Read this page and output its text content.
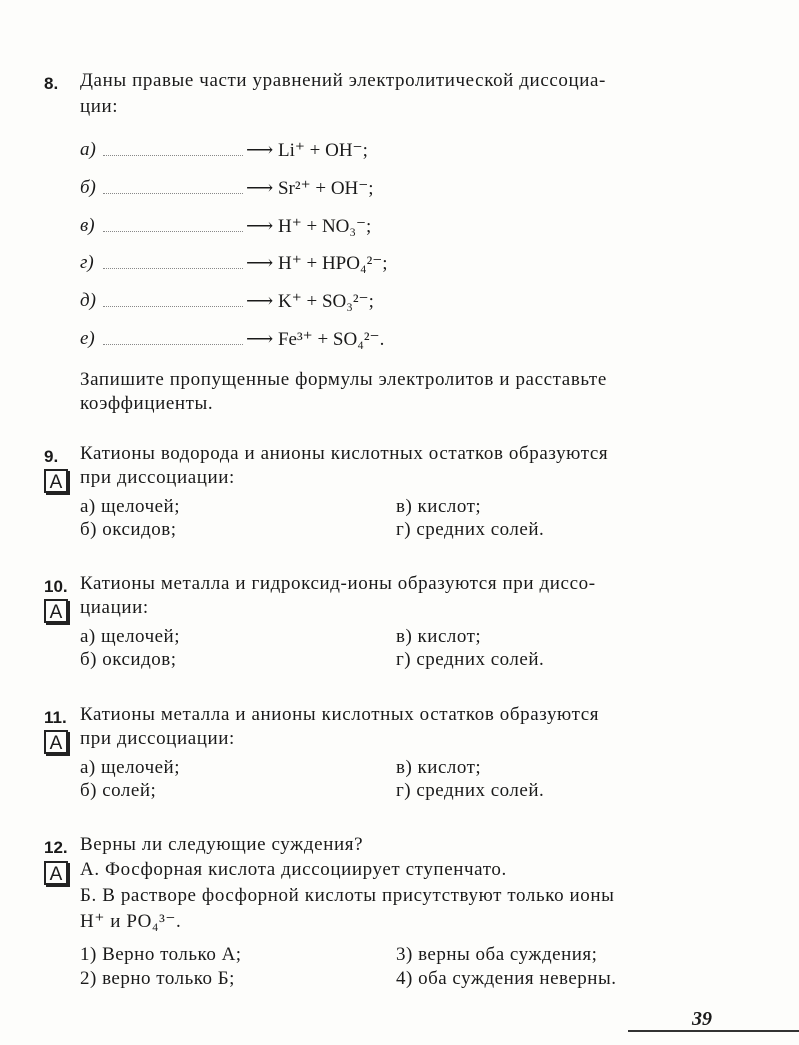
8. Даны правые части уравнений электролитической диссоциа-
ции:
а)	⟶ Li⁺ + OH⁻;
б)	⟶ Sr²⁺ + OH⁻;
в)	⟶ H⁺ + NO₃⁻;
г)	⟶ H⁺ + HPO₄²⁻;
д)	⟶ K⁺ + SO₃²⁻;
е)	⟶ Fe³⁺ + SO₄²⁻.
Запишите пропущенные формулы электролитов и расставьте
коэффициенты.
9. Катионы водорода и анионы кислотных остатков образуются
А при диссоциации:
а) щелочей;	в) кислот;
б) оксидов;	г) средних солей.
10. Катионы металла и гидроксид-ионы образуются при диссо-
А циации:
а) щелочей;	в) кислот;
б) оксидов;	г) средних солей.
11. Катионы металла и анионы кислотных остатков образуются
А при диссоциации:
а) щелочей;	в) кислот;
б) солей;	г) средних солей.
12. Верны ли следующие суждения?
А А. Фосфорная кислота диссоциирует ступенчато.
Б. В растворе фосфорной кислоты присутствуют только ионы
H⁺ и PO₄³⁻.
1) Верно только А;	3) верны оба суждения;
2) верно только Б;	4) оба суждения неверны.
39
